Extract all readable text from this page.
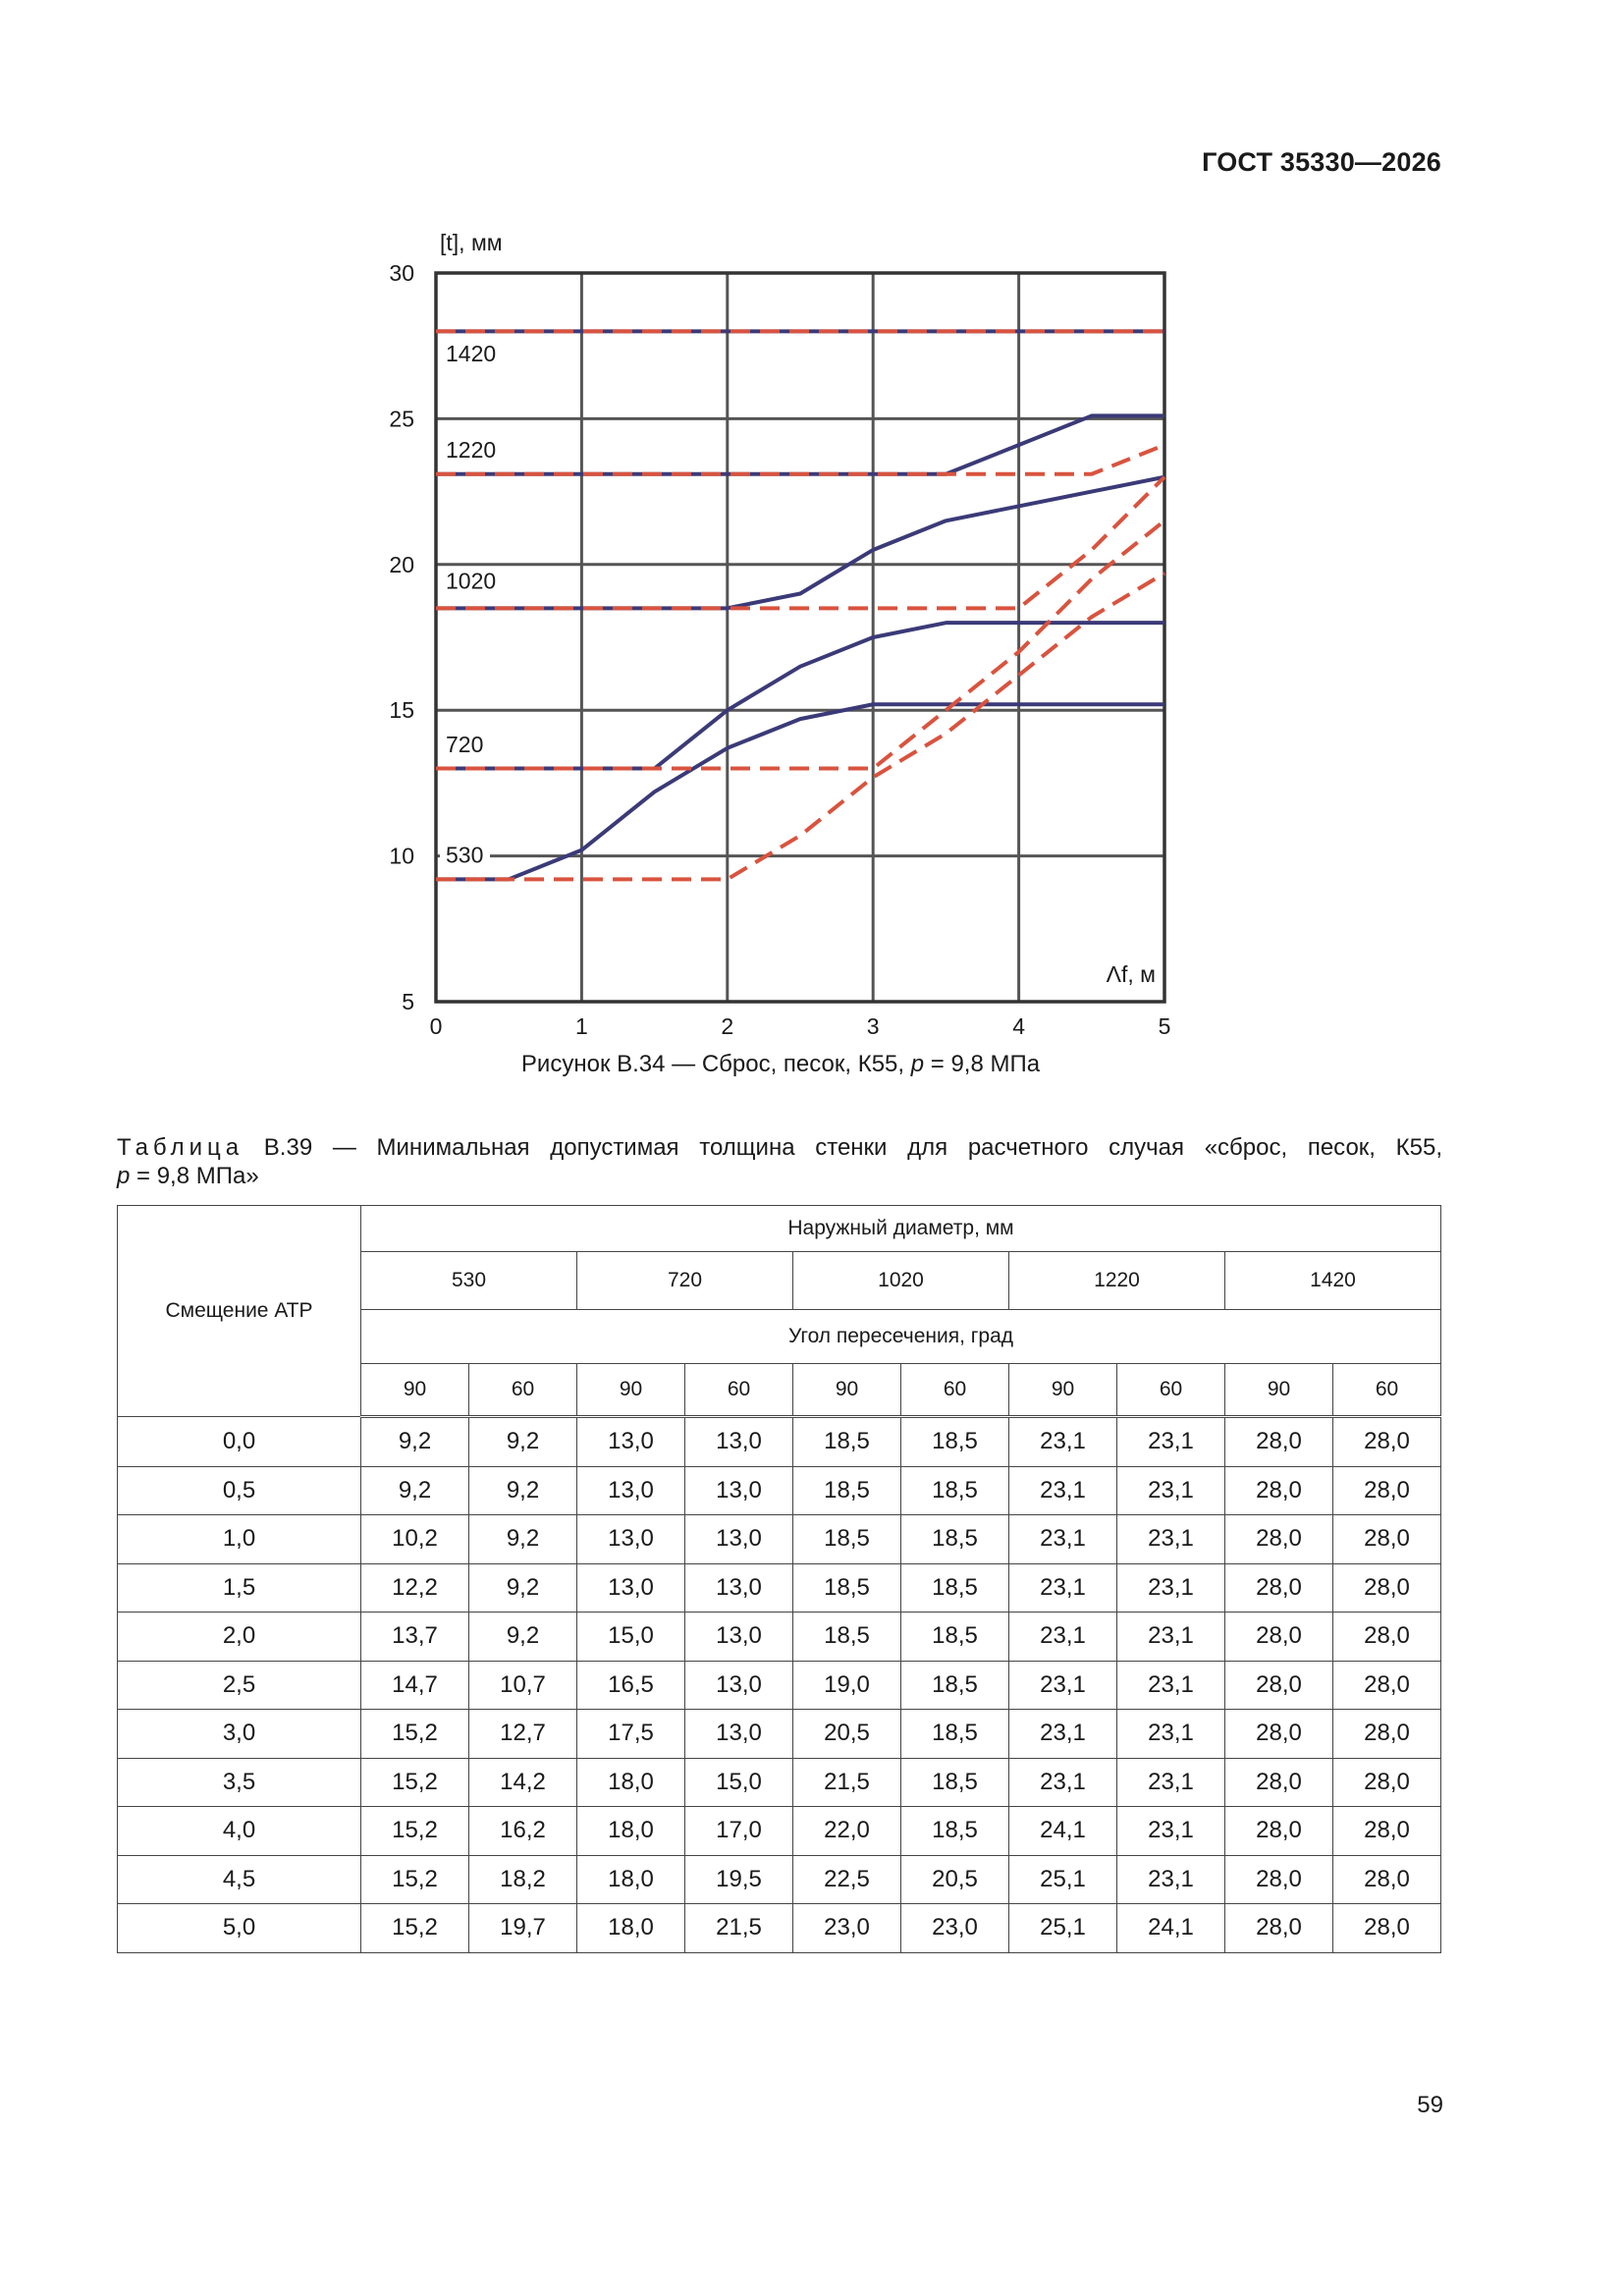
ГОСТ 35330—2026
0	1	2	3	4	5
5
10
15
20
25
30
530
720
1020
1220
1420
[t], мм
Λf, м
Рисунок В.34 — Сброс, песок, К55, p = 9,8 МПа
Таблица В.39 — Минимальная допустимая толщина стенки для расчетного случая «сброс, песок, К55,
p = 9,8 МПа»
Смещение АТР	Наружный диаметр, мм									
	530		720		1020		1220		1420	
	Угол пересечения, град									
	90	60	90	60	90	60	90	60	90	60
0,0	9,2	9,2	13,0	13,0	18,5	18,5	23,1	23,1	28,0	28,0
0,5	9,2	9,2	13,0	13,0	18,5	18,5	23,1	23,1	28,0	28,0
1,0	10,2	9,2	13,0	13,0	18,5	18,5	23,1	23,1	28,0	28,0
1,5	12,2	9,2	13,0	13,0	18,5	18,5	23,1	23,1	28,0	28,0
2,0	13,7	9,2	15,0	13,0	18,5	18,5	23,1	23,1	28,0	28,0
2,5	14,7	10,7	16,5	13,0	19,0	18,5	23,1	23,1	28,0	28,0
3,0	15,2	12,7	17,5	13,0	20,5	18,5	23,1	23,1	28,0	28,0
3,5	15,2	14,2	18,0	15,0	21,5	18,5	23,1	23,1	28,0	28,0
4,0	15,2	16,2	18,0	17,0	22,0	18,5	24,1	23,1	28,0	28,0
4,5	15,2	18,2	18,0	19,5	22,5	20,5	25,1	23,1	28,0	28,0
5,0	15,2	19,7	18,0	21,5	23,0	23,0	25,1	24,1	28,0	28,0
59
